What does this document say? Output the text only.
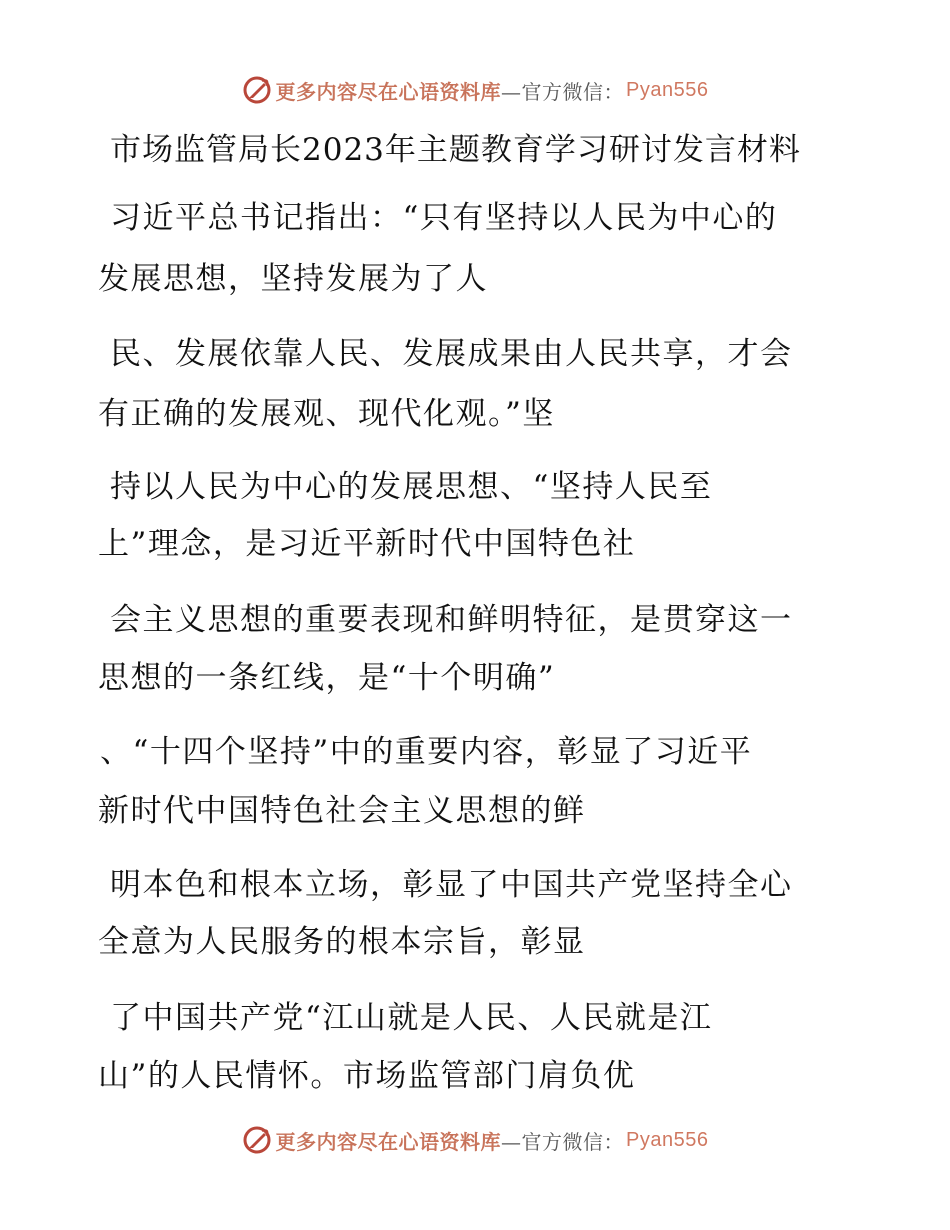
更多内容尽在心语资料库 —官方微信： Pyan556
市场监管局长2023年主题教育学习研讨发言材料
习近平总书记指出：“只有坚持以人民为中心的
发展思想，坚持发展为了人
民、发展依靠人民、发展成果由人民共享，才会
有正确的发展观、现代化观。”坚
持以人民为中心的发展思想、“坚持人民至
上”理念，是习近平新时代中国特色社
会主义思想的重要表现和鲜明特征，是贯穿这一
思想的一条红线，是“十个明确”
、“十四个坚持”中的重要内容，彰显了习近平
新时代中国特色社会主义思想的鲜
明本色和根本立场，彰显了中国共产党坚持全心
全意为人民服务的根本宗旨，彰显
了中国共产党“江山就是人民、人民就是江
山”的人民情怀。市场监管部门肩负优
更多内容尽在心语资料库 —官方微信： Pyan556
